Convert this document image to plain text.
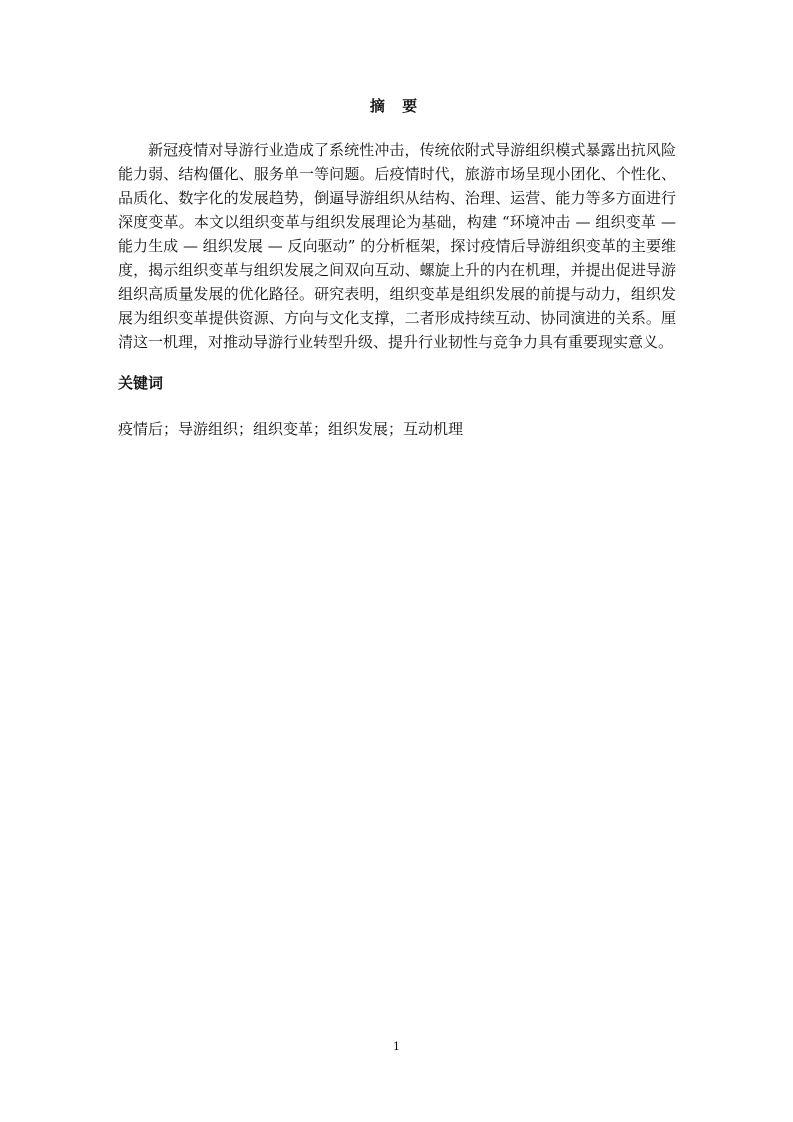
摘 要

新冠疫情对导游行业造成了系统性冲击，传统依附式导游组织模式暴露出抗风险能力弱、结构僵化、服务单一等问题。后疫情时代，旅游市场呈现小团化、个性化、品质化、数字化的发展趋势，倒逼导游组织从结构、治理、运营、能力等多方面进行深度变革。本文以组织变革与组织发展理论为基础，构建 “环境冲击 — 组织变革 — 能力生成 — 组织发展 — 反向驱动” 的分析框架，探讨疫情后导游组织变革的主要维度，揭示组织变革与组织发展之间双向互动、螺旋上升的内在机理，并提出促进导游组织高质量发展的优化路径。研究表明，组织变革是组织发展的前提与动力，组织发展为组织变革提供资源、方向与文化支撑，二者形成持续互动、协同演进的关系。厘清这一机理，对推动导游行业转型升级、提升行业韧性与竞争力具有重要现实意义。

关键词
疫情后；导游组织；组织变革；组织发展；互动机理
1
